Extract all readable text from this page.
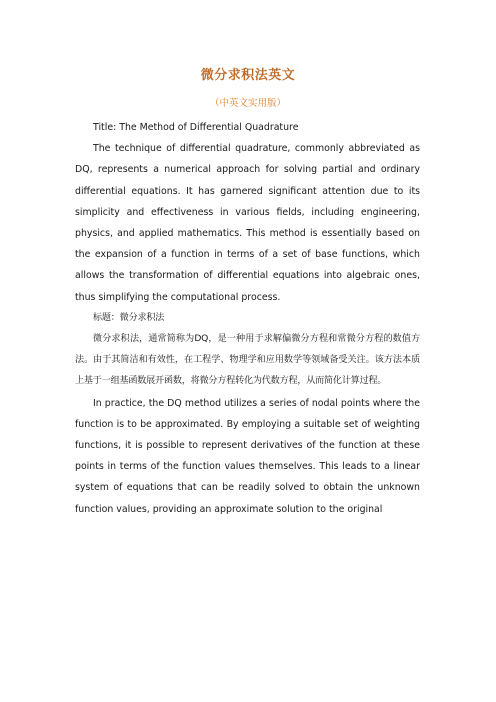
微分求积法英文
（中英文实用版）

Title: The Method of Differential Quadrature

The technique of differential quadrature, commonly abbreviated as DQ, represents a numerical approach for solving partial and ordinary differential equations. It has garnered significant attention due to its simplicity and effectiveness in various fields, including engineering, physics, and applied mathematics. This method is essentially based on the expansion of a function in terms of a set of base functions, which allows the transformation of differential equations into algebraic ones, thus simplifying the computational process.

标题：微分求积法

微分求积法，通常简称为DQ，是一种用于求解偏微分方程和常微分方程的数值方法。由于其简洁和有效性，在工程学、物理学和应用数学等领域备受关注。该方法本质上基于一组基函数展开函数，将微分方程转化为代数方程，从而简化计算过程。

In practice, the DQ method utilizes a series of nodal points where the function is to be approximated. By employing a suitable set of weighting functions, it is possible to represent derivatives of the function at these points in terms of the function values themselves. This leads to a linear system of equations that can be readily solved to obtain the unknown function values, providing an approximate solution to the original
